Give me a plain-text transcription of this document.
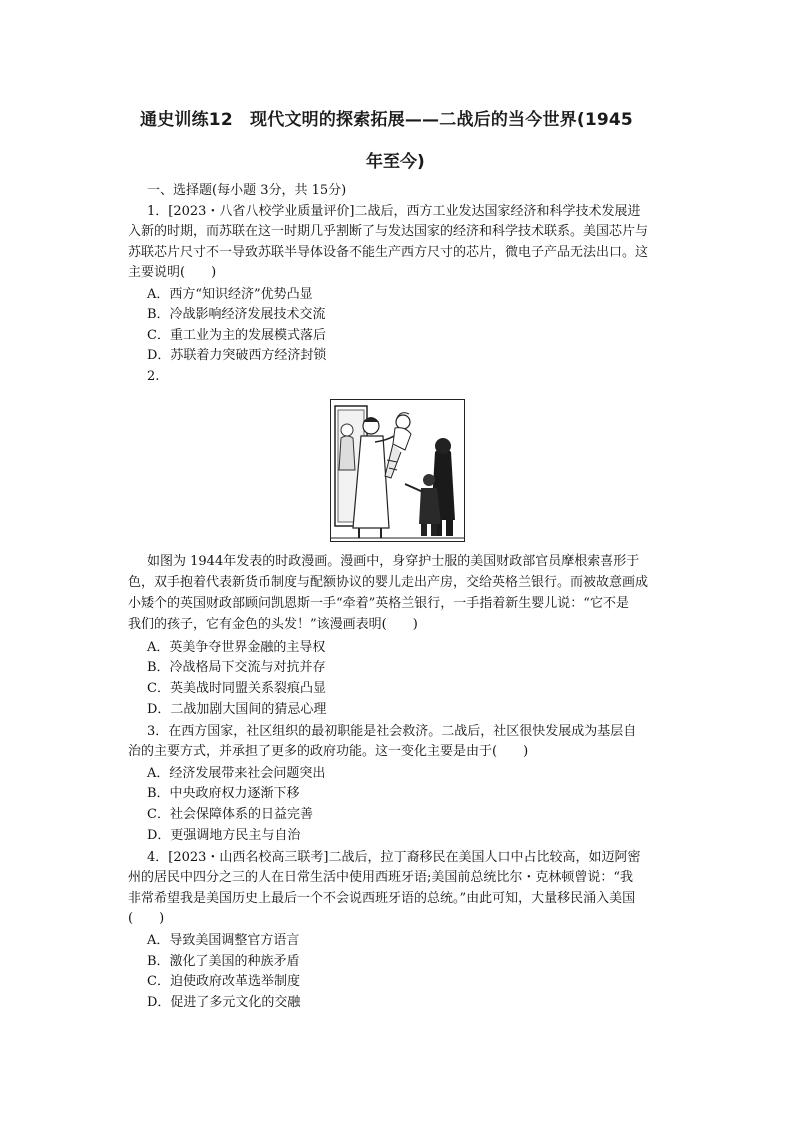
通史训练12　现代文明的探索拓展——二战后的当今世界(1945
年至今)
一、选择题(每小题 3分，共 15分)
1．[2023・八省八校学业质量评价]二战后，西方工业发达国家经济和科学技术发展进
入新的时期，而苏联在这一时期几乎割断了与发达国家的经济和科学技术联系。美国芯片与
苏联芯片尺寸不一导致苏联半导体设备不能生产西方尺寸的芯片，微电子产品无法出口。这
主要说明(　　)
A．西方“知识经济”优势凸显
B．冷战影响经济发展技术交流
C．重工业为主的发展模式落后
D．苏联着力突破西方经济封锁
2.
如图为 1944年发表的时政漫画。漫画中，身穿护士服的美国财政部官员摩根索喜形于
色，双手抱着代表新货币制度与配额协议的婴儿走出产房，交给英格兰银行。而被故意画成
小矮个的英国财政部顾问凯恩斯一手“牵着”英格兰银行，一手指着新生婴儿说：“它不是
我们的孩子，它有金色的头发！”该漫画表明(　　)
A．英美争夺世界金融的主导权
B．冷战格局下交流与对抗并存
C．英美战时同盟关系裂痕凸显
D．二战加剧大国间的猜忌心理
3．在西方国家，社区组织的最初职能是社会救济。二战后，社区很快发展成为基层自
治的主要方式，并承担了更多的政府功能。这一变化主要是由于(　　)
A．经济发展带来社会问题突出
B．中央政府权力逐渐下移
C．社会保障体系的日益完善
D．更强调地方民主与自治
4．[2023・山西名校高三联考]二战后，拉丁裔移民在美国人口中占比较高，如迈阿密
州的居民中四分之三的人在日常生活中使用西班牙语;美国前总统比尔・克林顿曾说：“我
非常希望我是美国历史上最后一个不会说西班牙语的总统。”由此可知，大量移民涌入美国
(　　)
A．导致美国调整官方语言
B．激化了美国的种族矛盾
C．迫使政府改革选举制度
D．促进了多元文化的交融
